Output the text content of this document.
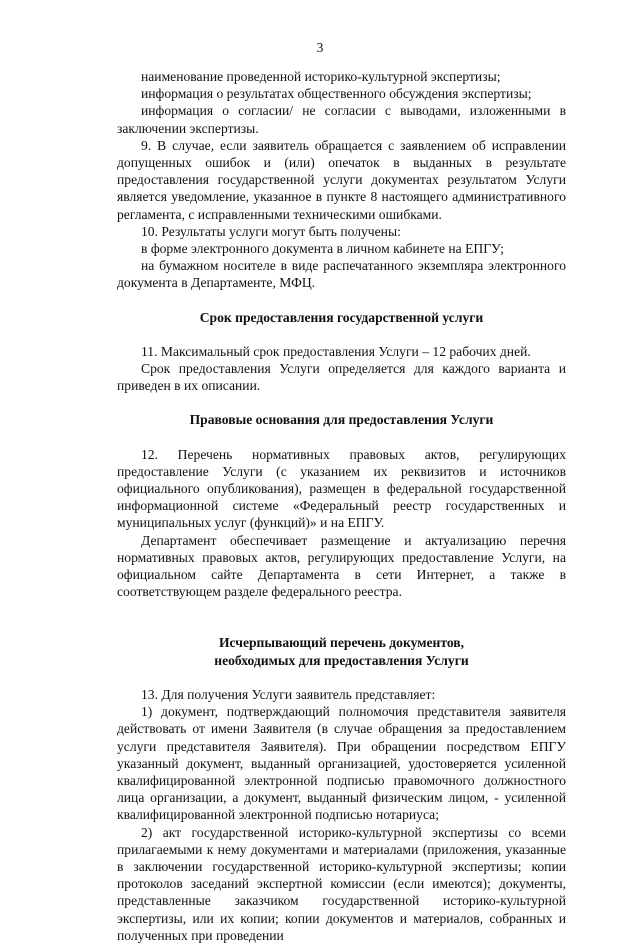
3

наименование проведенной историко-культурной экспертизы;

информация о результатах общественного обсуждения экспертизы;

информация о согласии/ не согласии с выводами, изложенными в заключении экспертизы.

9. В случае, если заявитель обращается с заявлением об исправлении допущенных ошибок и (или) опечаток в выданных в результате предоставления государственной услуги документах результатом Услуги является уведомление, указанное в пункте 8 настоящего административного регламента, с исправленными техническими ошибками.

10. Результаты услуги могут быть получены:

в форме электронного документа в личном кабинете на ЕПГУ;

на бумажном носителе в виде распечатанного экземпляра электронного документа в Департаменте, МФЦ.

Срок предоставления государственной услуги

11. Максимальный срок предоставления Услуги – 12 рабочих дней.

Срок предоставления Услуги определяется для каждого варианта и приведен в их описании.

Правовые основания для предоставления Услуги

12. Перечень нормативных правовых актов, регулирующих предоставление Услуги (с указанием их реквизитов и источников официального опубликования), размещен в федеральной государственной информационной системе «Федеральный реестр государственных и муниципальных услуг (функций)» и на ЕПГУ.

Департамент обеспечивает размещение и актуализацию перечня нормативных правовых актов, регулирующих предоставление Услуги, на официальном сайте Департамента в сети Интернет, а также в соответствующем разделе федерального реестра.

Исчерпывающий перечень документов,
необходимых для предоставления Услуги

13. Для получения Услуги заявитель представляет:

1) документ, подтверждающий полномочия представителя заявителя действовать от имени Заявителя (в случае обращения за предоставлением услуги представителя Заявителя). При обращении посредством ЕПГУ указанный документ, выданный организацией, удостоверяется усиленной квалифицированной электронной подписью правомочного должностного лица организации, а документ, выданный физическим лицом, - усиленной квалифицированной электронной подписью нотариуса;

2) акт государственной историко-культурной экспертизы со всеми прилагаемыми к нему документами и материалами (приложения, указанные в заключении государственной историко-культурной экспертизы; копии протоколов заседаний экспертной комиссии (если имеются); документы, представленные заказчиком государственной историко-культурной экспертизы, или их копии; копии документов и материалов, собранных и полученных при проведении
